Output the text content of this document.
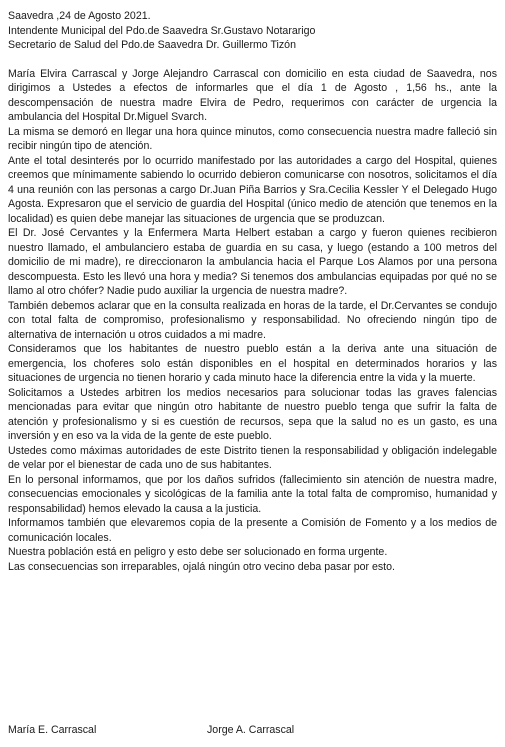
Saavedra ,24 de Agosto 2021.

Intendente Municipal del Pdo.de Saavedra Sr.Gustavo Notararigo

Secretario de Salud del Pdo.de Saavedra Dr. Guillermo Tizón

María Elvira Carrascal y Jorge Alejandro Carrascal con domicilio en esta ciudad de Saavedra, nos dirigimos a Ustedes a efectos de informarles que el día 1 de Agosto , 1,56 hs., ante la descompensación de nuestra madre Elvira de Pedro, requerimos con carácter de urgencia la ambulancia del Hospital Dr.Miguel Svarch.

La misma se demoró en llegar una hora quince minutos, como consecuencia nuestra madre falleció sin recibir ningún tipo de atención.

Ante el total desinterés por lo ocurrido manifestado por las autoridades a cargo del Hospital, quienes creemos que mínimamente sabiendo lo ocurrido debieron comunicarse con nosotros, solicitamos el día 4 una reunión con las personas a cargo Dr.Juan Piña Barrios y Sra.Cecilia Kessler Y el Delegado Hugo Agosta. Expresaron que el servicio de guardia del Hospital (único medio de atención que tenemos en la localidad) es quien debe manejar las situaciones de urgencia que se produzcan.

El Dr. José Cervantes y la Enfermera Marta Helbert estaban a cargo y fueron quienes recibieron nuestro llamado, el ambulanciero estaba de guardia en su casa, y luego (estando a 100 metros del domicilio de mi madre), re direccionaron la ambulancia hacia el Parque Los Alamos por una persona descompuesta. Esto les llevó una hora y media? Si tenemos dos ambulancias equipadas por qué no se llamo al otro chófer? Nadie pudo auxiliar la urgencia de nuestra madre?.

También debemos aclarar que en la consulta realizada en horas de la tarde, el Dr.Cervantes se condujo con total falta de compromiso, profesionalismo y responsabilidad. No ofreciendo ningún tipo de alternativa de internación u otros cuidados a mi madre.

Consideramos que los habitantes de nuestro pueblo están a la deriva ante una situación de emergencia, los choferes solo están disponibles en el hospital en determinados horarios y las situaciones de urgencia no tienen horario y cada minuto hace la diferencia entre la vida y la muerte.

Solicitamos a Ustedes arbitren los medios necesarios para solucionar todas las graves falencias mencionadas para evitar que ningún otro habitante de nuestro pueblo tenga que sufrir la falta de atención y profesionalismo y si es cuestión de recursos, sepa que la salud no es un gasto, es una inversión y en eso va la vida de la gente de este pueblo.

Ustedes como máximas autoridades de este Distrito tienen la responsabilidad y obligación indelegable de velar por el bienestar de cada uno de sus habitantes.

En lo personal informamos, que por los daños sufridos (fallecimiento sin atención de nuestra madre, consecuencias emocionales y sicológicas de la familia ante la total falta de compromiso, humanidad y responsabilidad) hemos elevado la causa a la justicia.

Informamos también que elevaremos copia de la presente a Comisión de Fomento y a los medios de comunicación locales.

Nuestra población está en peligro y esto debe ser solucionado en forma urgente.

Las consecuencias son irreparables, ojalá ningún otro vecino deba pasar por esto.

María E. Carrascal	Jorge A. Carrascal
